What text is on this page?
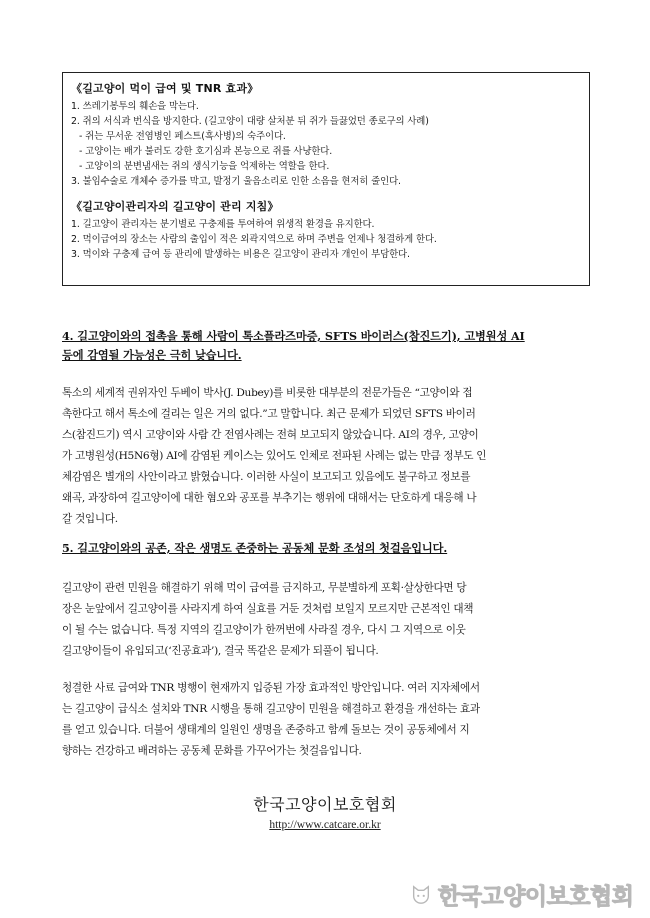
《길고양이 먹이 급여 및 TNR 효과》

1. 쓰레기봉투의 훼손을 막는다.

2. 쥐의 서식과 번식을 방지한다. (길고양이 대량 살처분 뒤 쥐가 들끓었던 종로구의 사례)

- 쥐는 무서운 전염병인 페스트(흑사병)의 숙주이다.

- 고양이는 배가 불러도 강한 호기심과 본능으로 쥐를 사냥한다.

- 고양이의 분변냄새는 쥐의 생식기능을 억제하는 역할을 한다.

3. 불임수술로 개체수 증가를 막고, 발정기 울음소리로 인한 소음을 현저히 줄인다.

《길고양이관리자의 길고양이 관리 지침》

1. 길고양이 관리자는 분기별로 구충제를 투여하여 위생적 환경을 유지한다.

2. 먹이급여의 장소는 사람의 출입이 적은 외곽지역으로 하며 주변을 언제나 청결하게 한다.

3. 먹이와 구충제 급여 등 관리에 발생하는 비용은 길고양이 관리자 개인이 부담한다.

4. 길고양이와의 접촉을 통해 사람이 톡소플라즈마증, SFTS 바이러스(참진드기), 고병원성 AI
등에 감염될 가능성은 극히 낮습니다.
톡소의 세계적 권위자인 두베이 박사(J. Dubey)를 비롯한 대부분의 전문가들은 “고양이와 접
촉한다고 해서 톡소에 걸리는 일은 거의 없다.”고 말합니다. 최근 문제가 되었던 SFTS 바이러
스(참진드기) 역시 고양이와 사람 간 전염사례는 전혀 보고되지 않았습니다. AI의 경우, 고양이
가 고병원성(H5N6형) AI에 감염된 케이스는 있어도 인체로 전파된 사례는 없는 만큼 정부도 인
체감염은 별개의 사안이라고 밝혔습니다. 이러한 사실이 보고되고 있음에도 불구하고 정보를
왜곡, 과장하여 길고양이에 대한 혐오와 공포를 부추기는 행위에 대해서는 단호하게 대응해 나
갈 것입니다.
5. 길고양이와의 공존, 작은 생명도 존중하는 공동체 문화 조성의 첫걸음입니다.
길고양이 관련 민원을 해결하기 위해 먹이 급여를 금지하고, 무분별하게 포획·살상한다면 당
장은 눈앞에서 길고양이를 사라지게 하여 실효를 거둔 것처럼 보일지 모르지만 근본적인 대책
이 될 수는 없습니다. 특정 지역의 길고양이가 한꺼번에 사라질 경우, 다시 그 지역으로 이웃
길고양이들이 유입되고(‘진공효과’), 결국 똑같은 문제가 되풀이 됩니다.
청결한 사료 급여와 TNR 병행이 현재까지 입증된 가장 효과적인 방안입니다. 여러 지자체에서
는 길고양이 급식소 설치와 TNR 시행을 통해 길고양이 민원을 해결하고 환경을 개선하는 효과
를 얻고 있습니다. 더불어 생태계의 일원인 생명을 존중하고 함께 돌보는 것이 공동체에서 지
향하는 건강하고 배려하는 공동체 문화를 가꾸어가는 첫걸음입니다.
한국고양이보호협회
http://www.catcare.or.kr
한국고양이보호협회
